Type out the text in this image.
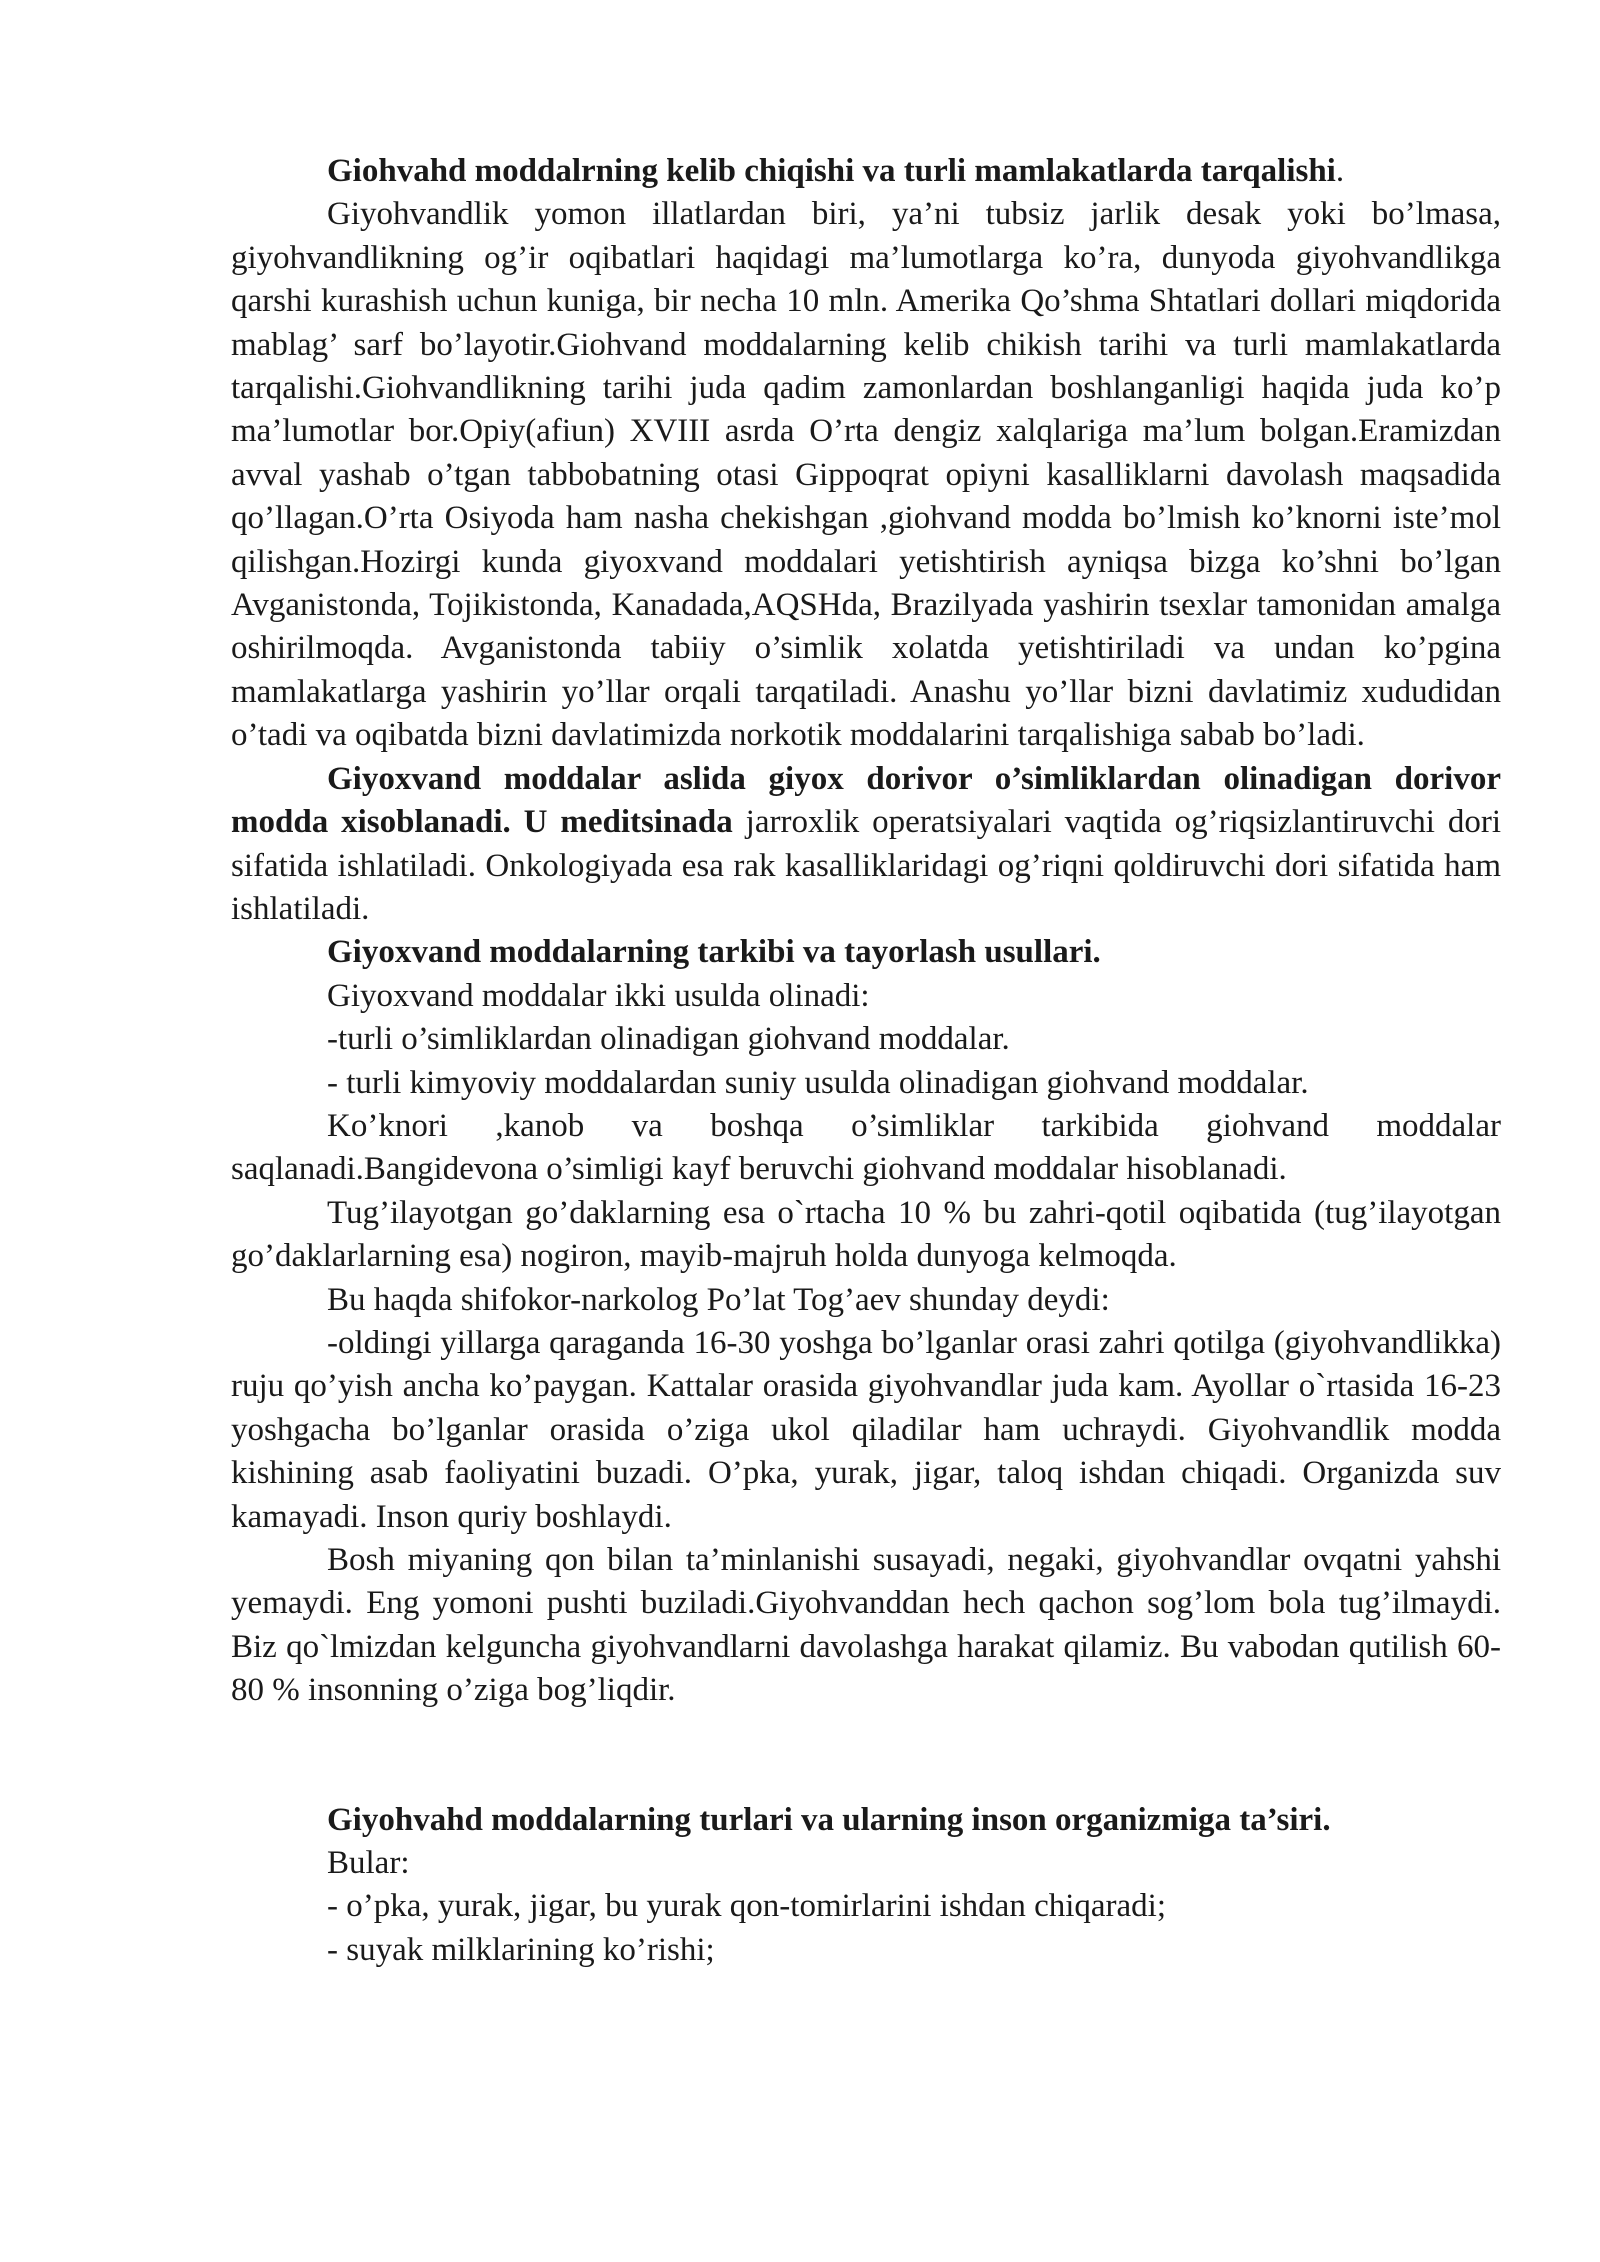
Giohvahd moddalrning kelib chiqishi va turli mamlakatlarda tarqalishi.

Giyohvandlik yomon illatlardan biri, ya’ni tubsiz jarlik desak yoki bo’lmasa, giyohvandlikning og’ir oqibatlari haqidagi ma’lumotlarga ko’ra, dunyoda giyohvandlikga qarshi kurashish uchun kuniga, bir necha 10 mln. Amerika Qo’shma Shtatlari dollari miqdorida mablag’ sarf bo’layotir.Giohvand moddalarning kelib chikish tarihi va turli mamlakatlarda tarqalishi.Giohvandlikning tarihi juda qadim zamonlardan boshlanganligi haqida juda ko’p ma’lumotlar bor.Opiy(afiun) XVIII asrda O’rta dengiz xalqlariga ma’lum bolgan.Eramizdan avval yashab o’tgan tabbobatning otasi Gippoqrat opiyni kasalliklarni davolash maqsadida qo’llagan.O’rta Osiyoda ham nasha chekishgan ,giohvand modda bo’lmish ko’knorni iste’mol qilishgan.Hozirgi kunda giyoxvand moddalari yetishtirish ayniqsa bizga ko’shni bo’lgan Avganistonda, Tojikistonda, Kanadada,AQSHda, Brazilyada yashirin tsexlar tamonidan amalga oshirilmoqda. Avganistonda tabiiy o’simlik xolatda yetishtiriladi va undan ko’pgina mamlakatlarga yashirin yo’llar orqali tarqatiladi. Anashu yo’llar bizni davlatimiz xududidan o’tadi va oqibatda bizni davlatimizda norkotik moddalarini tarqalishiga sabab bo’ladi.

Giyoxvand moddalar aslida giyox dorivor o’simliklardan olinadigan dorivor modda xisoblanadi. U meditsinada jarroxlik operatsiyalari vaqtida og’riqsizlantiruvchi dori sifatida ishlatiladi. Onkologiyada esa rak kasalliklaridagi og’riqni qoldiruvchi dori sifatida ham ishlatiladi.

Giyoxvand moddalarning tarkibi va tayorlash usullari.

Giyoxvand moddalar ikki usulda olinadi:

-turli o’simliklardan olinadigan giohvand moddalar.

- turli kimyoviy moddalardan suniy usulda olinadigan giohvand moddalar.

Ko’knori ,kanob va boshqa o’simliklar tarkibida giohvand moddalar saqlanadi.Bangidevona o’simligi kayf beruvchi giohvand moddalar hisoblanadi.

Tug’ilayotgan go’daklarning esa o`rtacha 10 % bu zahri-qotil oqibatida (tug’ilayotgan go’daklarlarning esa) nogiron, mayib-majruh holda dunyoga kelmoqda.

Bu haqda shifokor-narkolog Po’lat Tog’aev shunday deydi:

-oldingi yillarga qaraganda 16-30 yoshga bo’lganlar orasi zahri qotilga (giyohvandlikka) ruju qo’yish ancha ko’paygan. Kattalar orasida giyohvandlar juda kam. Ayollar o`rtasida 16-23 yoshgacha bo’lganlar orasida o’ziga ukol qiladilar ham uchraydi. Giyohvandlik modda kishining asab faoliyatini buzadi. O’pka, yurak, jigar, taloq ishdan chiqadi. Organizda suv kamayadi. Inson quriy boshlaydi.

Bosh miyaning qon bilan ta’minlanishi susayadi, negaki, giyohvandlar ovqatni yahshi yemaydi. Eng yomoni pushti buziladi.Giyohvanddan hech qachon sog’lom bola tug’ilmaydi. Biz qo`lmizdan kelguncha giyohvandlarni davolashga harakat qilamiz. Bu vabodan qutilish 60-80 % insonning o’ziga bog’liqdir.

Giyohvahd moddalarning turlari va ularning inson organizmiga ta’siri.

Bular:

- o’pka, yurak, jigar, bu yurak qon-tomirlarini ishdan chiqaradi;

- suyak milklarining ko’rishi;
